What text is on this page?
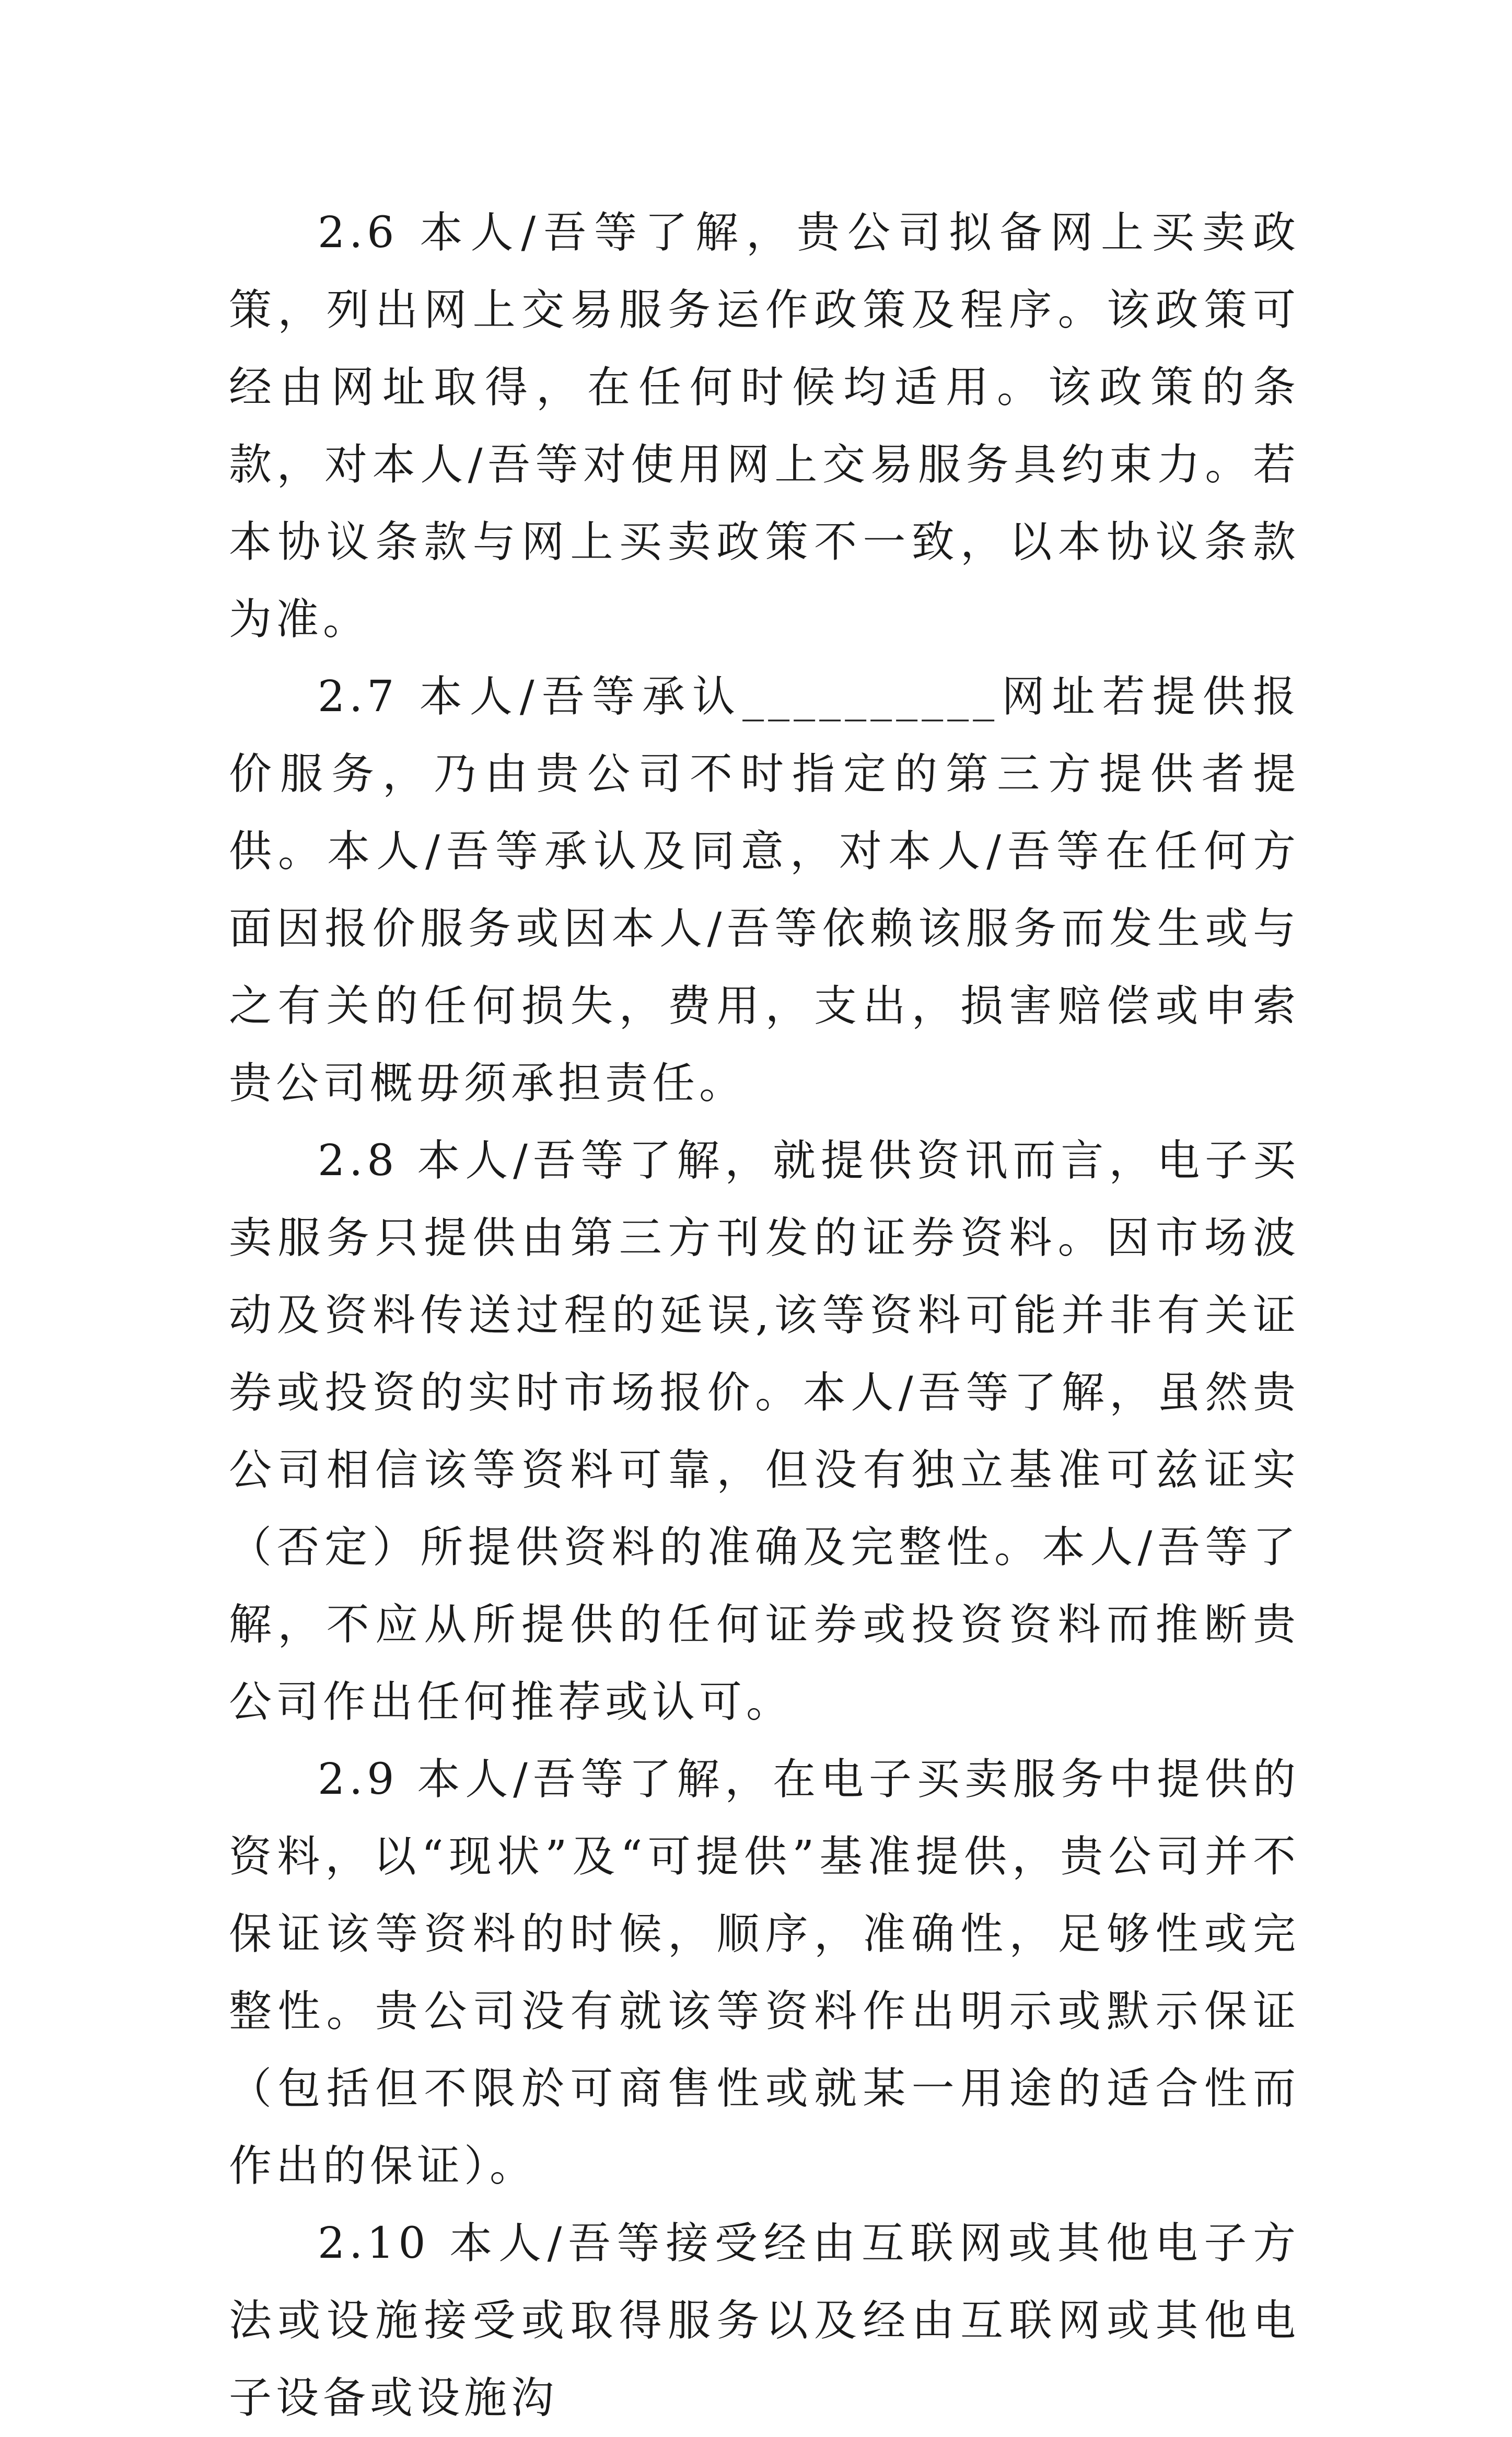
2.6 本人/吾等了解，贵公司拟备网上买卖政策，列出网上交易服务运作政策及程序。该政策可经由网址取得，在任何时候均适用。该政策的条款，对本人/吾等对使用网上交易服务具约束力。若本协议条款与网上买卖政策不一致，以本协议条款为准。

2.7 本人/吾等承认__________网址若提供报价服务，乃由贵公司不时指定的第三方提供者提供。本人/吾等承认及同意，对本人/吾等在任何方面因报价服务或因本人/吾等依赖该服务而发生或与之有关的任何损失，费用，支出，损害赔偿或申索贵公司概毋须承担责任。

2.8 本人/吾等了解，就提供资讯而言，电子买卖服务只提供由第三方刊发的证券资料。因市场波动及资料传送过程的延误,该等资料可能并非有关证券或投资的实时市场报价。本人/吾等了解，虽然贵公司相信该等资料可靠，但没有独立基准可兹证实（否定）所提供资料的准确及完整性。本人/吾等了解，不应从所提供的任何证券或投资资料而推断贵公司作出任何推荐或认可。

2.9 本人/吾等了解，在电子买卖服务中提供的资料，以“现状”及“可提供”基准提供，贵公司并不保证该等资料的时候，顺序，准确性，足够性或完整性。贵公司没有就该等资料作出明示或默示保证（包括但不限於可商售性或就某一用途的适合性而作出的保证）。

2.10 本人/吾等接受经由互联网或其他电子方法或设施接受或取得服务以及经由互联网或其他电子设备或设施沟
